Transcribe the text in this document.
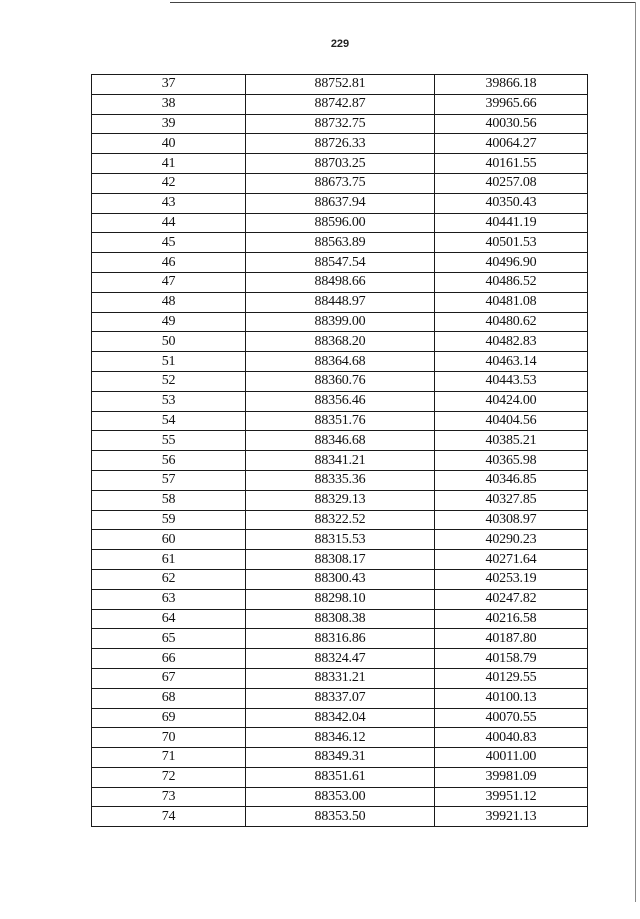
229
37	88752.81	39866.18
38	88742.87	39965.66
39	88732.75	40030.56
40	88726.33	40064.27
41	88703.25	40161.55
42	88673.75	40257.08
43	88637.94	40350.43
44	88596.00	40441.19
45	88563.89	40501.53
46	88547.54	40496.90
47	88498.66	40486.52
48	88448.97	40481.08
49	88399.00	40480.62
50	88368.20	40482.83
51	88364.68	40463.14
52	88360.76	40443.53
53	88356.46	40424.00
54	88351.76	40404.56
55	88346.68	40385.21
56	88341.21	40365.98
57	88335.36	40346.85
58	88329.13	40327.85
59	88322.52	40308.97
60	88315.53	40290.23
61	88308.17	40271.64
62	88300.43	40253.19
63	88298.10	40247.82
64	88308.38	40216.58
65	88316.86	40187.80
66	88324.47	40158.79
67	88331.21	40129.55
68	88337.07	40100.13
69	88342.04	40070.55
70	88346.12	40040.83
71	88349.31	40011.00
72	88351.61	39981.09
73	88353.00	39951.12
74	88353.50	39921.13
